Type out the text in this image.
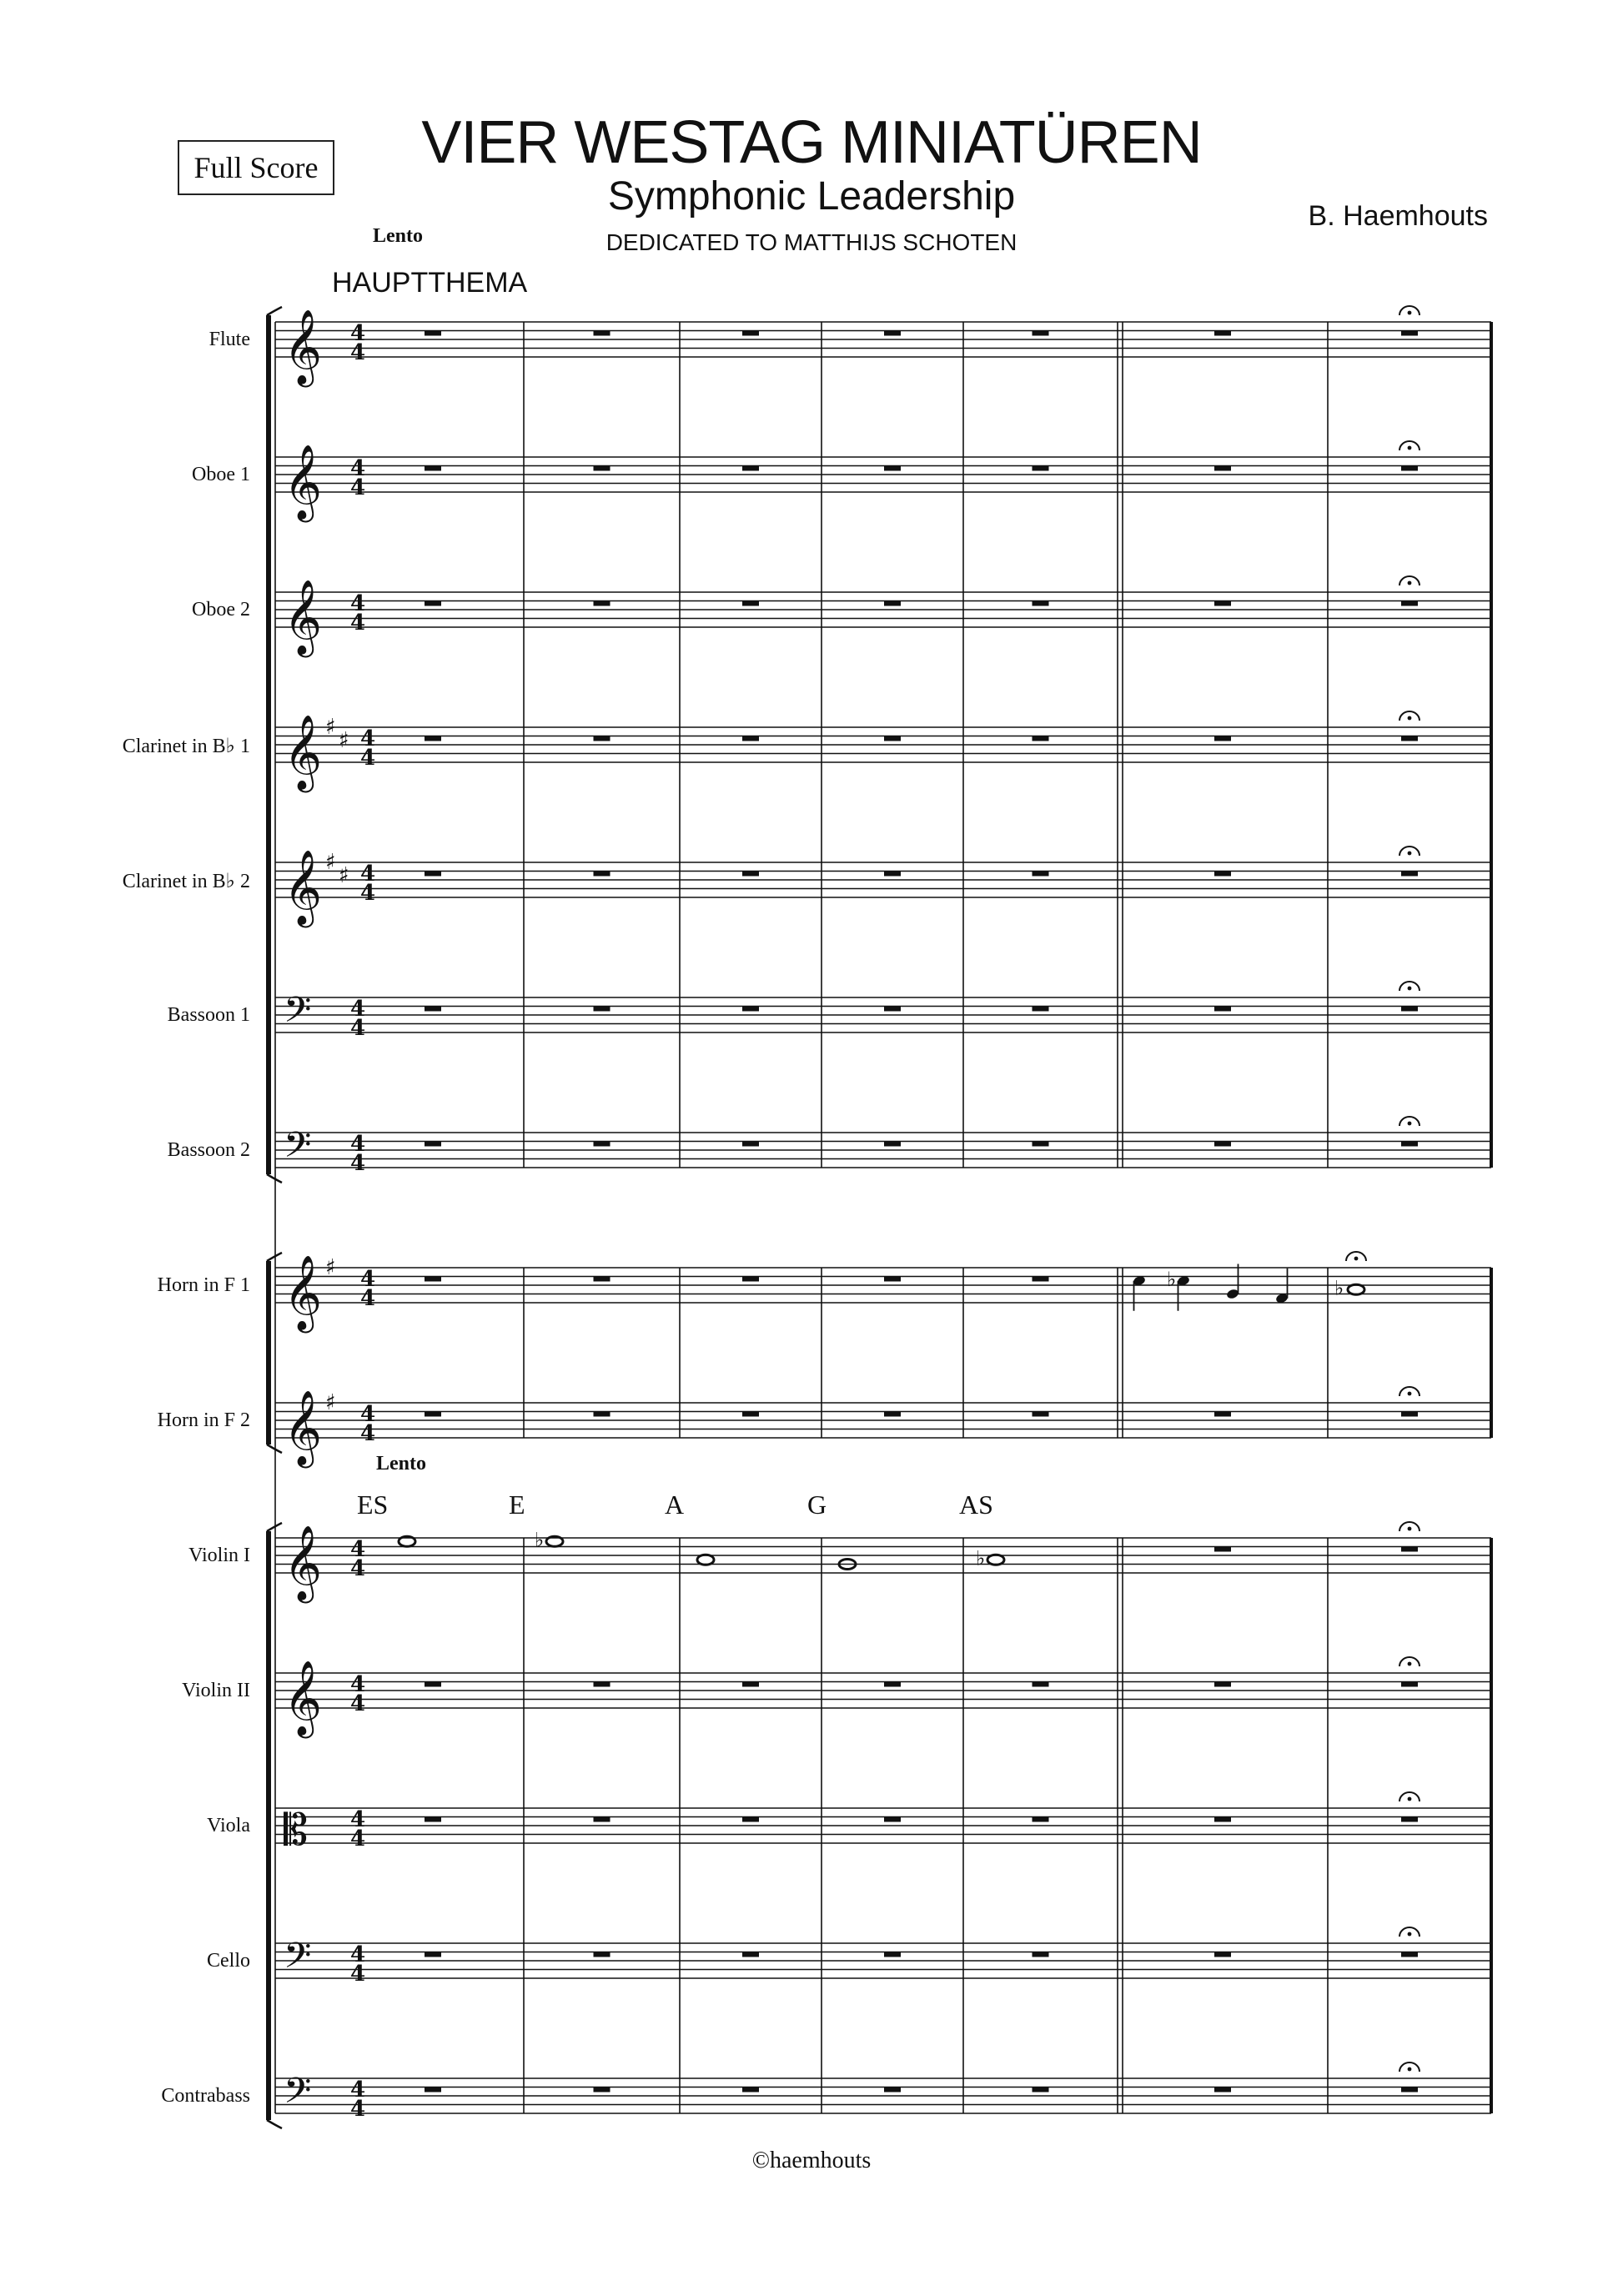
Full Score	VIER WESTAG MINIATÜREN
Symphonic Leadership
DEDICATED TO MATTHIJS SCHOTEN
B. Haemhouts
Lento
HAUPTTHEMA
Lento
ES	E	A	G	AS
Flute
Oboe 1
Oboe 2
Clarinet in B♭ 1
Clarinet in B♭ 2
Bassoon 1
Bassoon 2
Horn in F 1
Horn in F 2
Violin I
Violin II
Viola
Cello
Contrabass
𝄞 4
4
𝄞 4
4
𝄞 4
4
𝄞 ♯
♯ 4
4
𝄞 ♯
♯ 4
4
𝄢 4
4
𝄢 4
4
𝄞 ♯ 4
4
𝄞 ♯ 4
4
𝄞 4
4
𝄞 4
4
𝄡 4
4
𝄢 4
4
𝄢 4
4
♭	♭
♭
♭
©haemhouts
